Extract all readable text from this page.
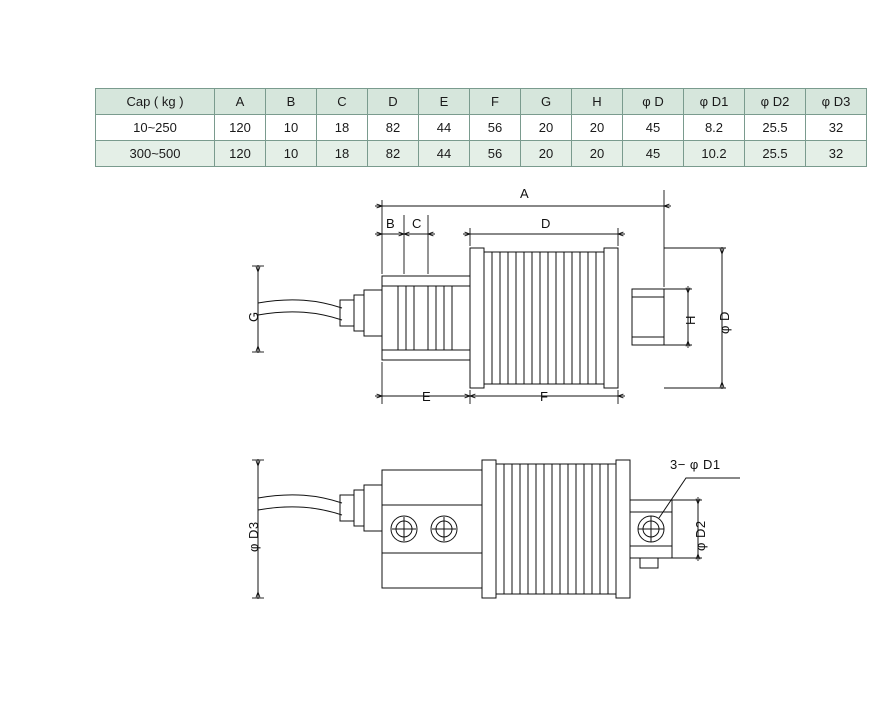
Cap ( kg )	A	B	C	D	E	F	G	H	φ D	φ D1	φ D2	φ D3
10~250	120	10	18	82	44	56	20	20	45	8.2	25.5	32
300~500	120	10	18	82	44	56	20	20	45	10.2	25.5	32
A
D
B C
G	H φ D
E	F
φ D3	φ D2
3− φ D1
